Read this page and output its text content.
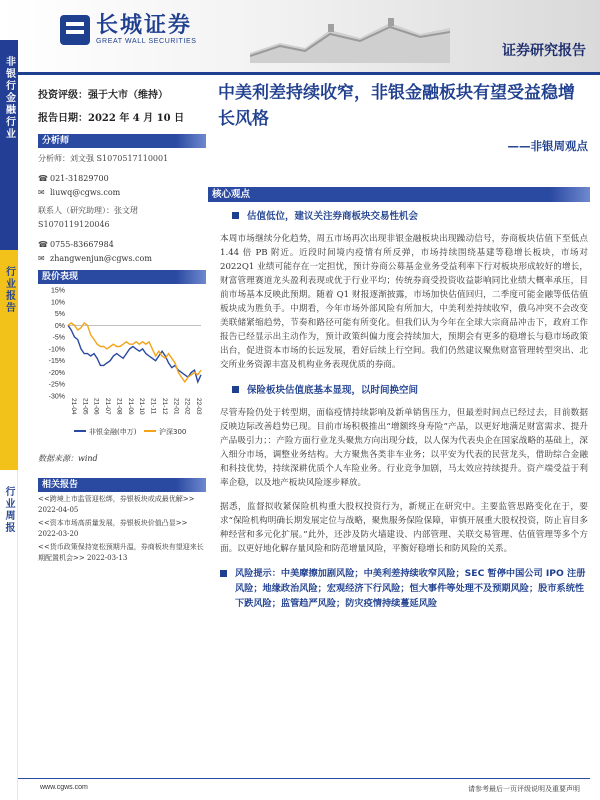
长城证券
GREAT WALL SECURITIES
证券研究报告
非银行金融行业
行业报告
行业周报
投资评级：强于大市（维持）
报告日期：2022 年 4 月 10 日
分析师
分析师：刘文强 S1070517110001
☎ 021-31829700
✉ liuwq@cgws.com
联系人（研究助理）：张文珺
S1070119120046
☎ 0755-83667984
✉ zhangwenjun@cgws.com
股价表现
15%
10%
5%
0%
-5%
-10%
-15%
-20%
-25%
-30%
21-04 21-05 21-06 21-07 21-08 21-09 21-10 21-11 21-12 22-01 22-02 22-03
非银金融(申万)	沪深300
数据来源：wind
相关报告
<<跨境上市监管迎松绑，券银板块或成最优解>> 2022-04-05
<<资本市场高质量发展，券银板块价值凸显>> 2022-03-20
<<货币政策保持宽松预期升温，券商板块有望迎来长期配置机会>> 2022-03-13
中美利差持续收窄，非银金融板块有望受益稳增长风格
——非银周观点
核心观点
估值低位，建议关注券商板块交易性机会
本周市场继续分化趋势，周五市场再次出现非银金融板块出现躁动信号，券商板块估值下至低点 1.44 倍 PB 附近。近段时间境内疫情有所反弹，市场持续围绕基建等稳增长板块，市场对 2022Q1 业绩可能存在一定担忧，预计券商公募基金业务受益利率下行对板块形成较好的增长，财富管理赛道龙头盈利表现或优于行业平均；传统券商受投资收益影响同比业绩大概率承压，目前市场基本反映此预期。随着 Q1 财报逐渐披露，市场加快估值回归，二季度可能金融等低估值板块成为胜负手。中期看，今年市场外部风险有所加大，中美利差持续收窄，俄乌冲突不会改变美联储紧缩趋势，节奏和路径可能有所变化。但我们认为今年在全球大宗商品冲击下，政府工作报告已经显示出主动作为，预计政策纠偏力度会持续加大，预期会有更多的稳增长与稳市场政策出台，促进资本市场的长远发展，看好后续上行空间。我们仍然建议聚焦财富管理转型突出、北交所业务资源丰富及机构业务表现优质的券商。
保险板块估值底基本显现，以时间换空间
尽管寿险仍处于转型期，面临疫情持续影响及新单销售压力，但最差时间点已经过去，目前数据反映边际改善趋势已现。目前市场积极推出“增额终身寿险”产品，以更好地满足财富需求、提升产品吸引力；：产险方面行业龙头聚焦方向出现分歧，以人保为代表央企在国家战略的基础上，深入细分市场，调整业务结构。大方聚焦各类非车业务；以平安为代表的民营龙头，借助综合金融和科技优势，持续深耕优质个人车险业务。行业竞争加剧，马太效应持续提升。资产端受益于利率企稳，以及地产板块风险逐步释放。
据悉，监督拟收紧保险机构重大股权投资行为，新规正在研究中。主要监管思路变化在于，要求“保险机构明确长期发展定位与战略，聚焦服务保险保障，审慎开展重大股权投资，防止盲目多种经营和多元化扩展。”此外，还涉及防火墙建设、内部管理、关联交易管理、估值管理等多个方面。以更好地化解存量风险和防范增量风险，平衡好稳增长和防风险的关系。
风险提示：中美摩擦加剧风险；中美利差持续收窄风险；SEC 暂停中国公司 IPO 注册风险；地缘政治风险；宏观经济下行风险；恒大事件等处理不及预期风险；股市系统性下跌风险；监管趋严风险；防灾疫情持续蔓延风险
www.cgws.com	请参考最后一页评级说明及重要声明
